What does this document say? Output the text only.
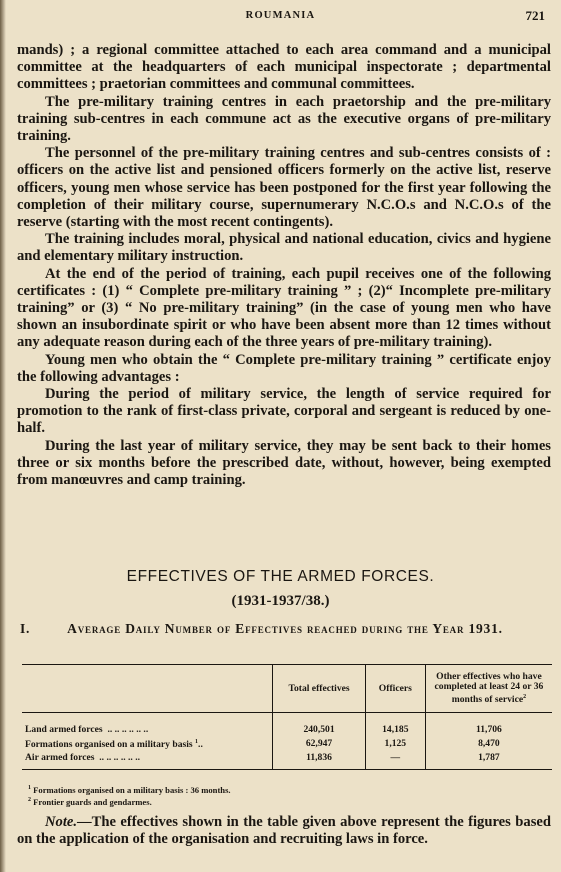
ROUMANIA	721

mands) ; a regional committee attached to each area command and a municipal committee at the headquarters of each municipal inspectorate ; departmental committees ; praetorian committees and communal committees.

The pre-military training centres in each praetorship and the pre-military training sub-centres in each commune act as the executive organs of pre-military training.

The personnel of the pre-military training centres and sub-centres consists of : officers on the active list and pensioned officers formerly on the active list, reserve officers, young men whose service has been postponed for the first year following the completion of their military course, supernumerary N.C.O.s and N.C.O.s of the reserve (starting with the most recent contingents).

The training includes moral, physical and national education, civics and hygiene and elementary military instruction.

At the end of the period of training, each pupil receives one of the following certificates : (1) “ Complete pre-military training ” ; (2)“ Incomplete pre-military training” or (3) “ No pre-military training” (in the case of young men who have shown an insubordinate spirit or who have been absent more than 12 times without any adequate reason during each of the three years of pre-military training).

Young men who obtain the “ Complete pre-military training ” certificate enjoy the following advantages :

During the period of military service, the length of service required for promotion to the rank of first-class private, corporal and sergeant is reduced by one-half.

During the last year of military service, they may be sent back to their homes three or six months before the prescribed date, without, however, being exempted from manœuvres and camp training.

EFFECTIVES OF THE ARMED FORCES.
(1931-1937/38.)
I.	Average Daily Number of Effectives reached during the Year 1931.
	Total effectives	Officers	Other effectives who have completed at least 24 or 36 months of service$^2$

Land armed forces  .. .. .. .. .. ..	240,501	14,185	11,706
Formations organised on a military basis $^1$..	62,947	1,125	8,470
Air armed forces  .. .. .. .. .. ..	11,836	—	1,787
$^1$ Formations organised on a military basis : 36 months.
$^2$ Frontier guards and gendarmes.
Note.—The effectives shown in the table given above represent the figures based on the application of the organisation and recruiting laws in force.
